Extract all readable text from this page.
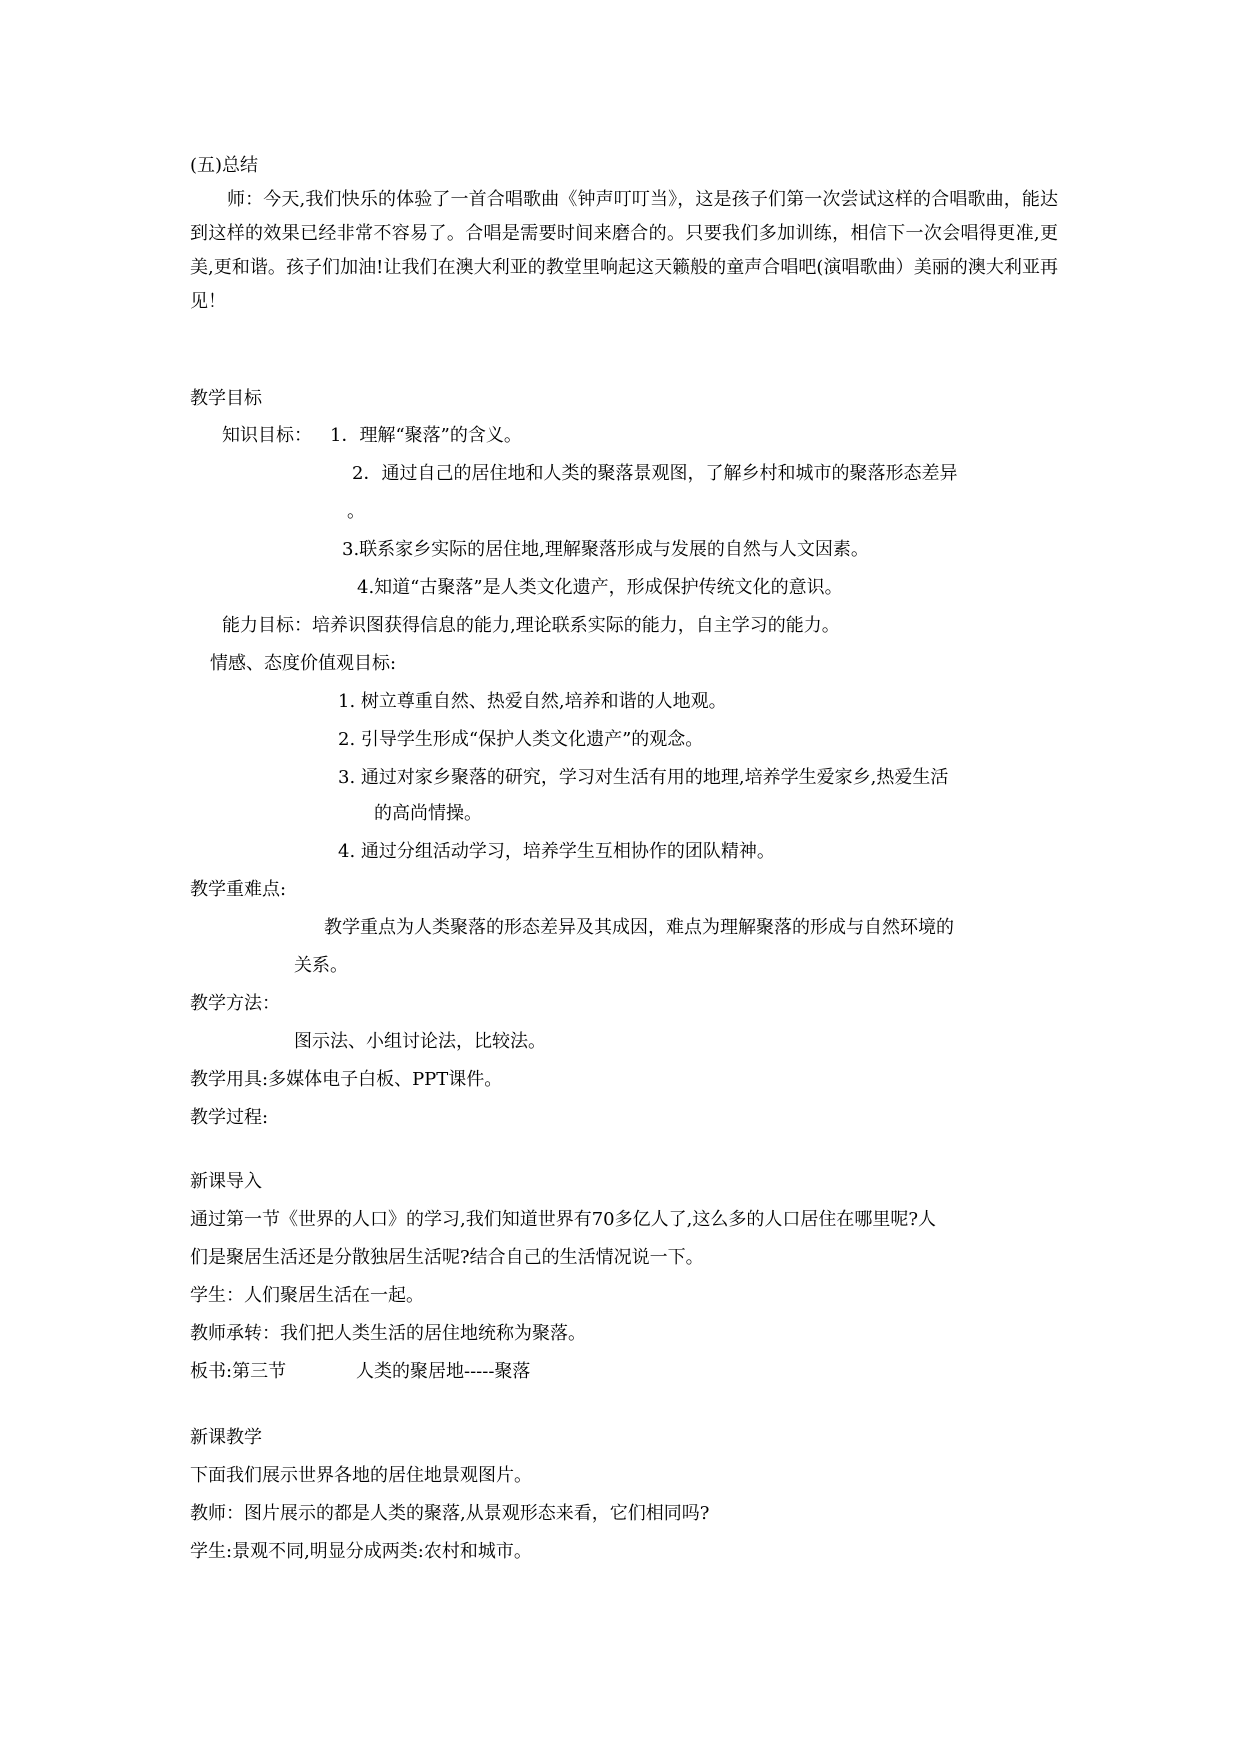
(五)总结
师：今天,我们快乐的体验了一首合唱歌曲《钟声叮叮当》，这是孩子们第一次尝试这样的合唱歌曲，能达到这样的效果已经非常不容易了。合唱是需要时间来磨合的。只要我们多加训练，相信下一次会唱得更准,更美,更和谐。孩子们加油!让我们在澳大利亚的教堂里响起这天籁般的童声合唱吧(演唱歌曲）美丽的澳大利亚再见！
教学目标
知识目标： 1．理解“聚落”的含义。
2．通过自己的居住地和人类的聚落景观图，了解乡村和城市的聚落形态差异
。
3.联系家乡实际的居住地,理解聚落形成与发展的自然与人文因素。
4.知道“古聚落”是人类文化遗产，形成保护传统文化的意识。
能力目标：培养识图获得信息的能力,理论联系实际的能力，自主学习的能力。
情感、态度价值观目标:
1. 树立尊重自然、热爱自然,培养和谐的人地观。
2. 引导学生形成“保护人类文化遗产”的观念。
3. 通过对家乡聚落的研究，学习对生活有用的地理,培养学生爱家乡,热爱生活
的高尚情操。
4. 通过分组活动学习，培养学生互相协作的团队精神。
教学重难点:
教学重点为人类聚落的形态差异及其成因，难点为理解聚落的形成与自然环境的
关系。
教学方法：
图示法、小组讨论法，比较法。
教学用具:多媒体电子白板、PPT课件。
教学过程:
新课导入
通过第一节《世界的人口》的学习,我们知道世界有70多亿人了,这么多的人口居住在哪里呢?人
们是聚居生活还是分散独居生活呢?结合自己的生活情况说一下。
学生：人们聚居生活在一起。
教师承转：我们把人类生活的居住地统称为聚落。
板书:第三节	人类的聚居地-----聚落
新课教学
下面我们展示世界各地的居住地景观图片。
教师：图片展示的都是人类的聚落,从景观形态来看，它们相同吗?
学生:景观不同,明显分成两类:农村和城市。
